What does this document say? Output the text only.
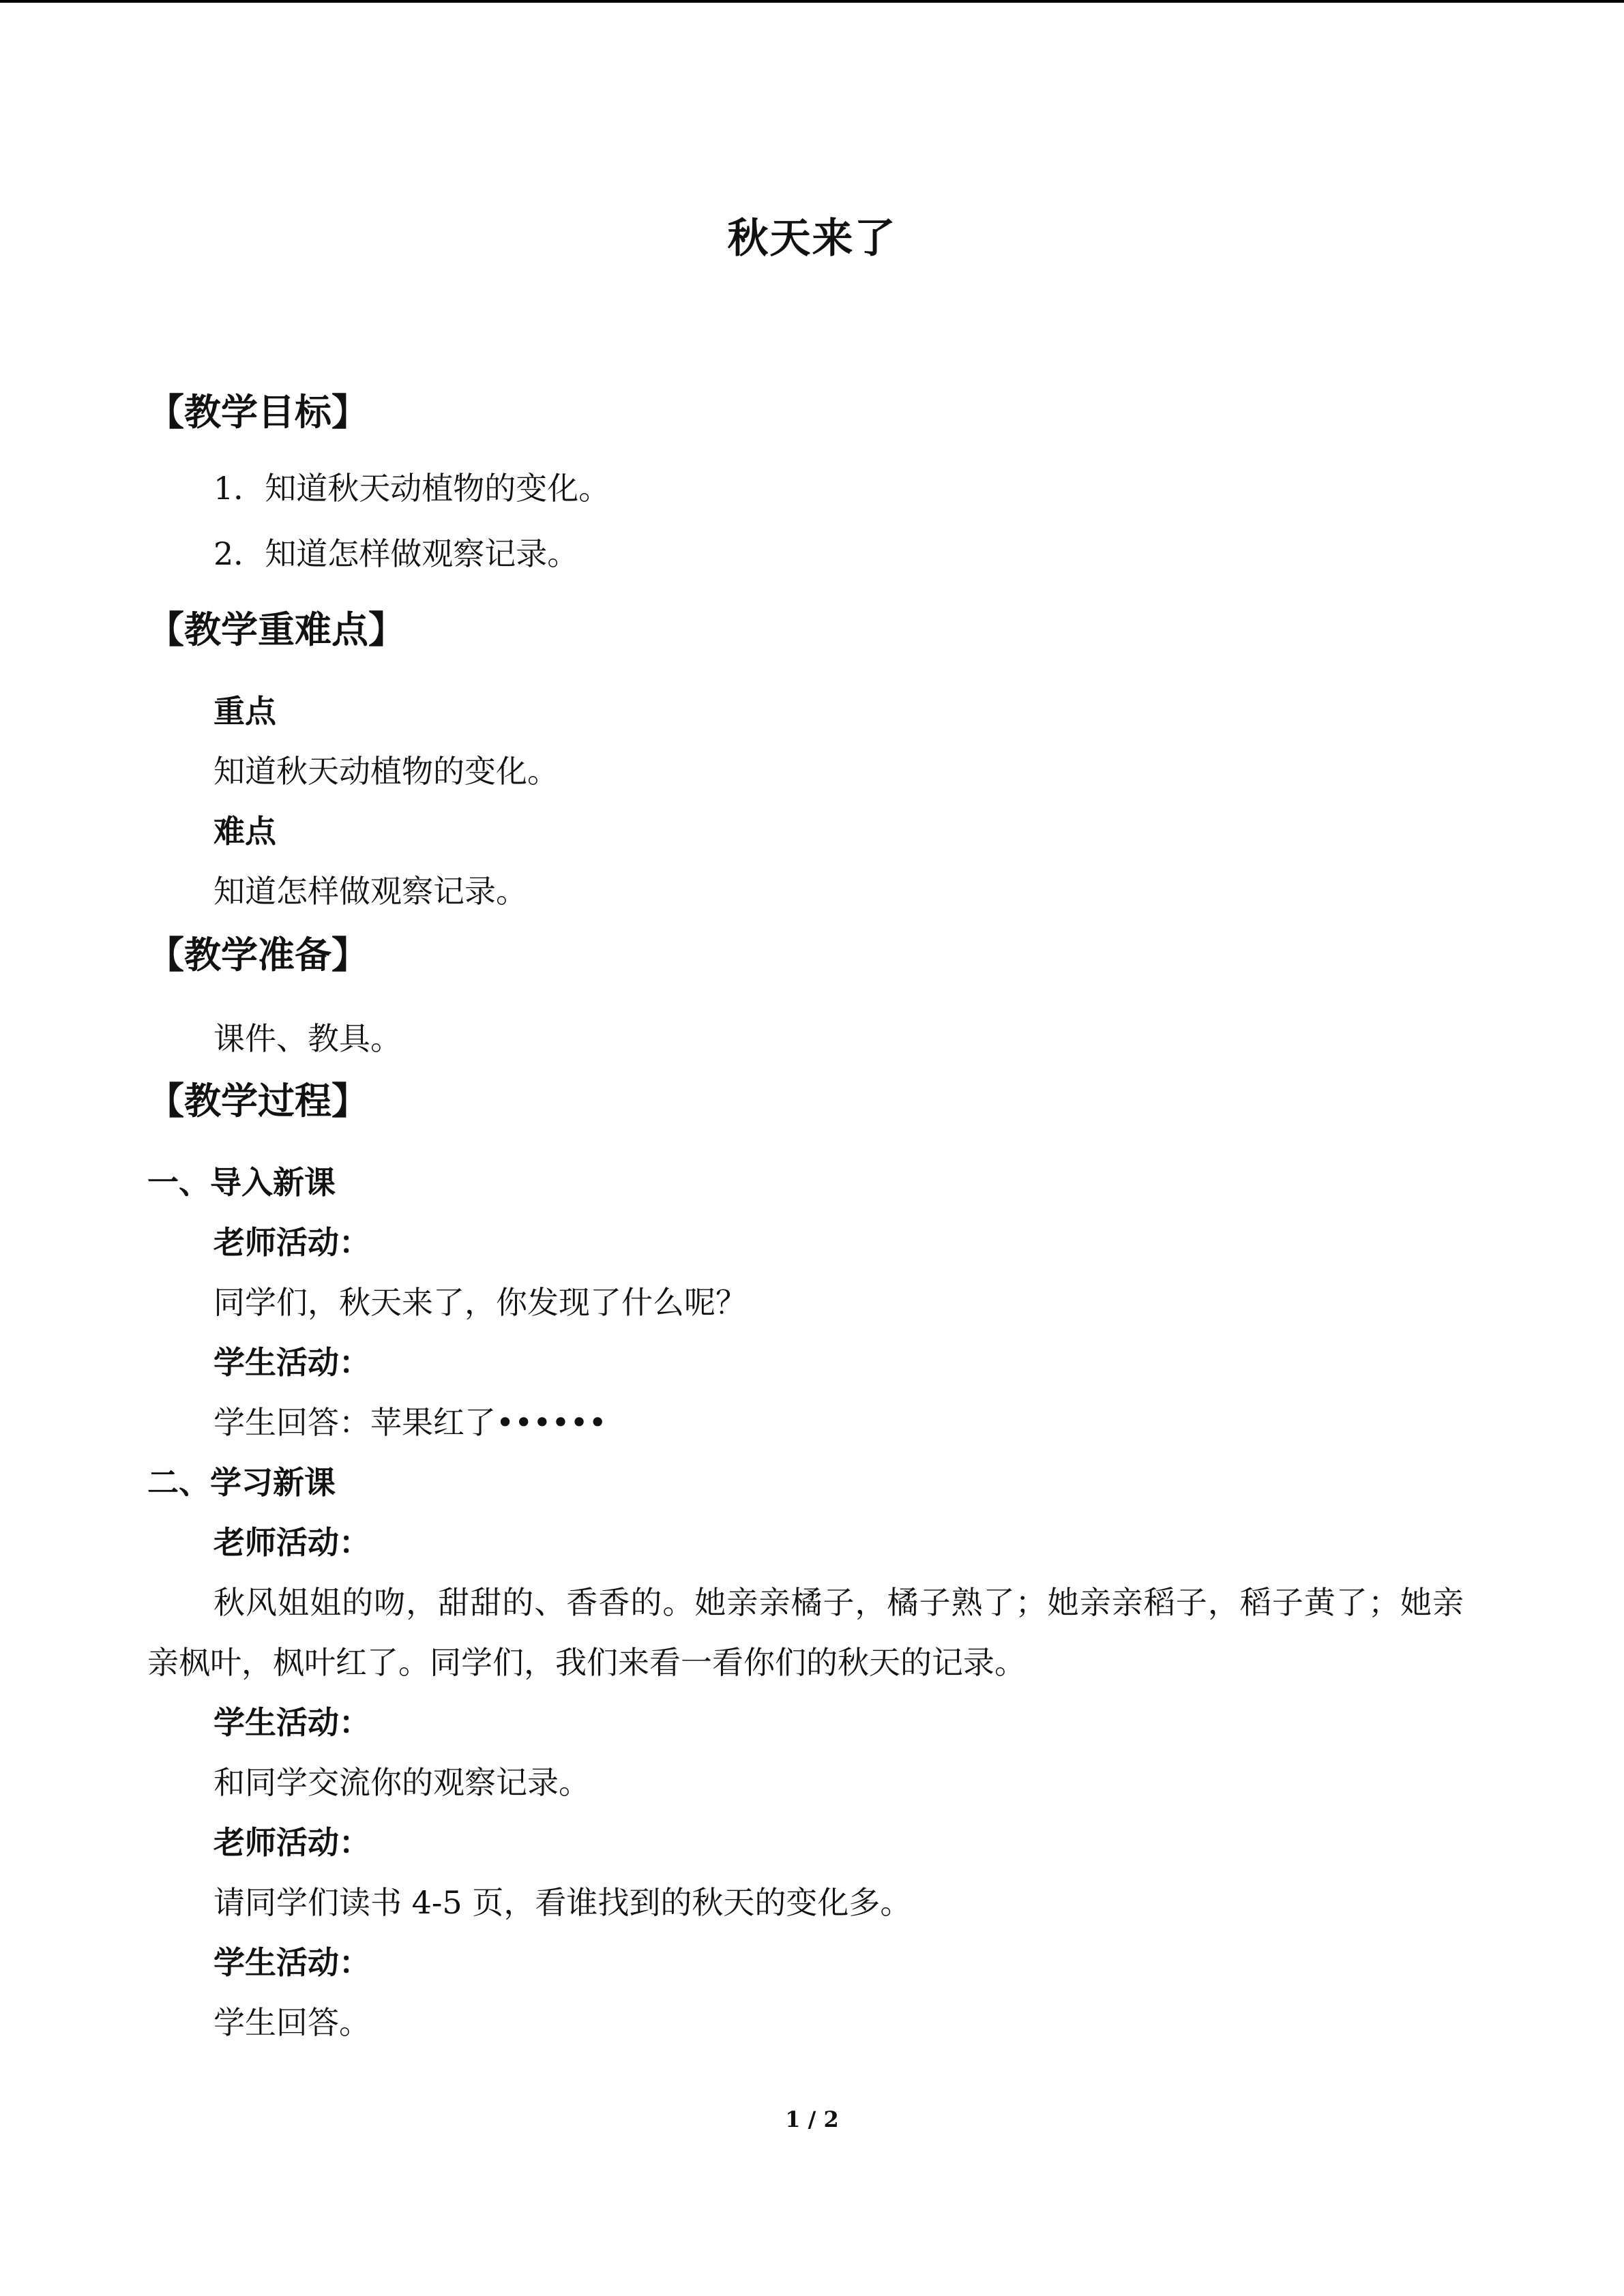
秋天来了
【教学目标】
1．知道秋天动植物的变化。
2．知道怎样做观察记录。
【教学重难点】
重点
知道秋天动植物的变化。
难点
知道怎样做观察记录。
【教学准备】
课件、教具。
【教学过程】
一、导入新课
老师活动：
同学们，秋天来了，你发现了什么呢？
学生活动：
学生回答：苹果红了••••••
二、学习新课
老师活动：
秋风姐姐的吻，甜甜的、香香的。她亲亲橘子，橘子熟了；她亲亲稻子，稻子黄了；她亲亲枫叶，枫叶红了。同学们，我们来看一看你们的秋天的记录。
学生活动：
和同学交流你的观察记录。
老师活动：
请同学们读书 4-5 页，看谁找到的秋天的变化多。
学生活动：
学生回答。
1 / 2
